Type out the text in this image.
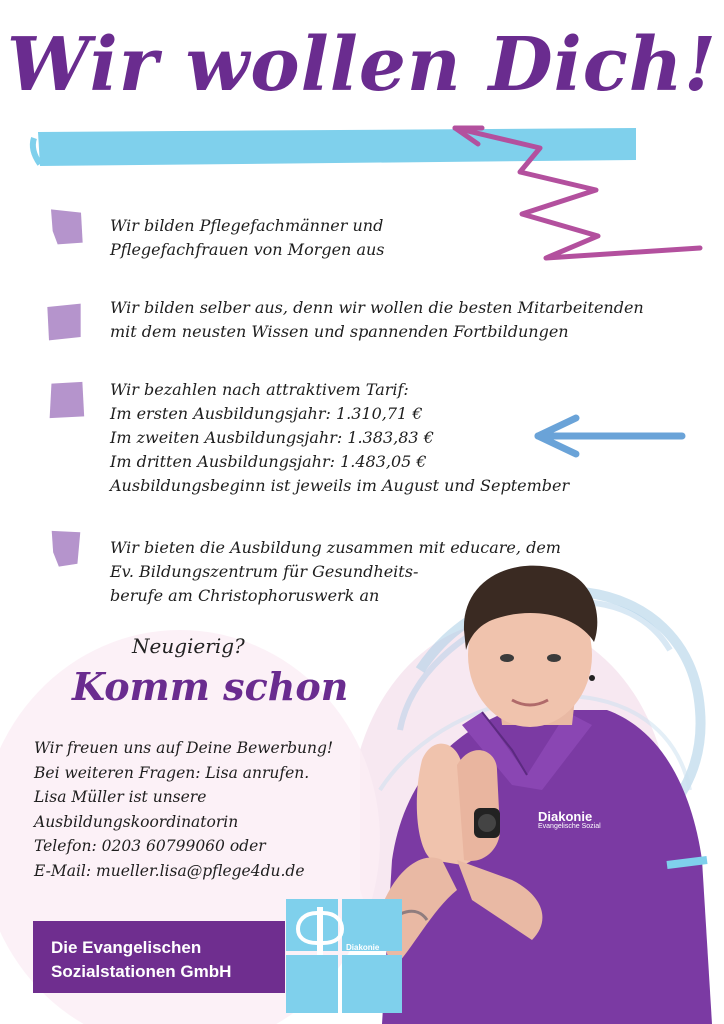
Wir wollen Dich!
Wir bilden Pflegefachmänner und
Pflegefachfrauen von Morgen aus
Wir bilden selber aus, denn wir wollen die besten Mitarbeitenden
mit dem neusten Wissen und spannenden Fortbildungen
Wir bezahlen nach attraktivem Tarif:
Im ersten Ausbildungsjahr: 1.310,71 €
Im zweiten Ausbildungsjahr: 1.383,83 €
Im dritten Ausbildungsjahr: 1.483,05 €
Ausbildungsbeginn ist jeweils im August und September
Wir bieten die Ausbildung zusammen mit educare, dem
Ev. Bildungszentrum für Gesundheits-
berufe am Christophoruswerk an
Neugierig?
Komm schon
Wir freuen uns auf Deine Bewerbung!
Bei weiteren Fragen: Lisa anrufen.
Lisa Müller ist unsere
Ausbildungskoordinatorin
Telefon: 0203 60799060 oder
E-Mail: mueller.lisa@pflege4du.de
Diakonie
Evangelische Sozial
Die Evangelischen
Sozialstationen GmbH
Diakonie
